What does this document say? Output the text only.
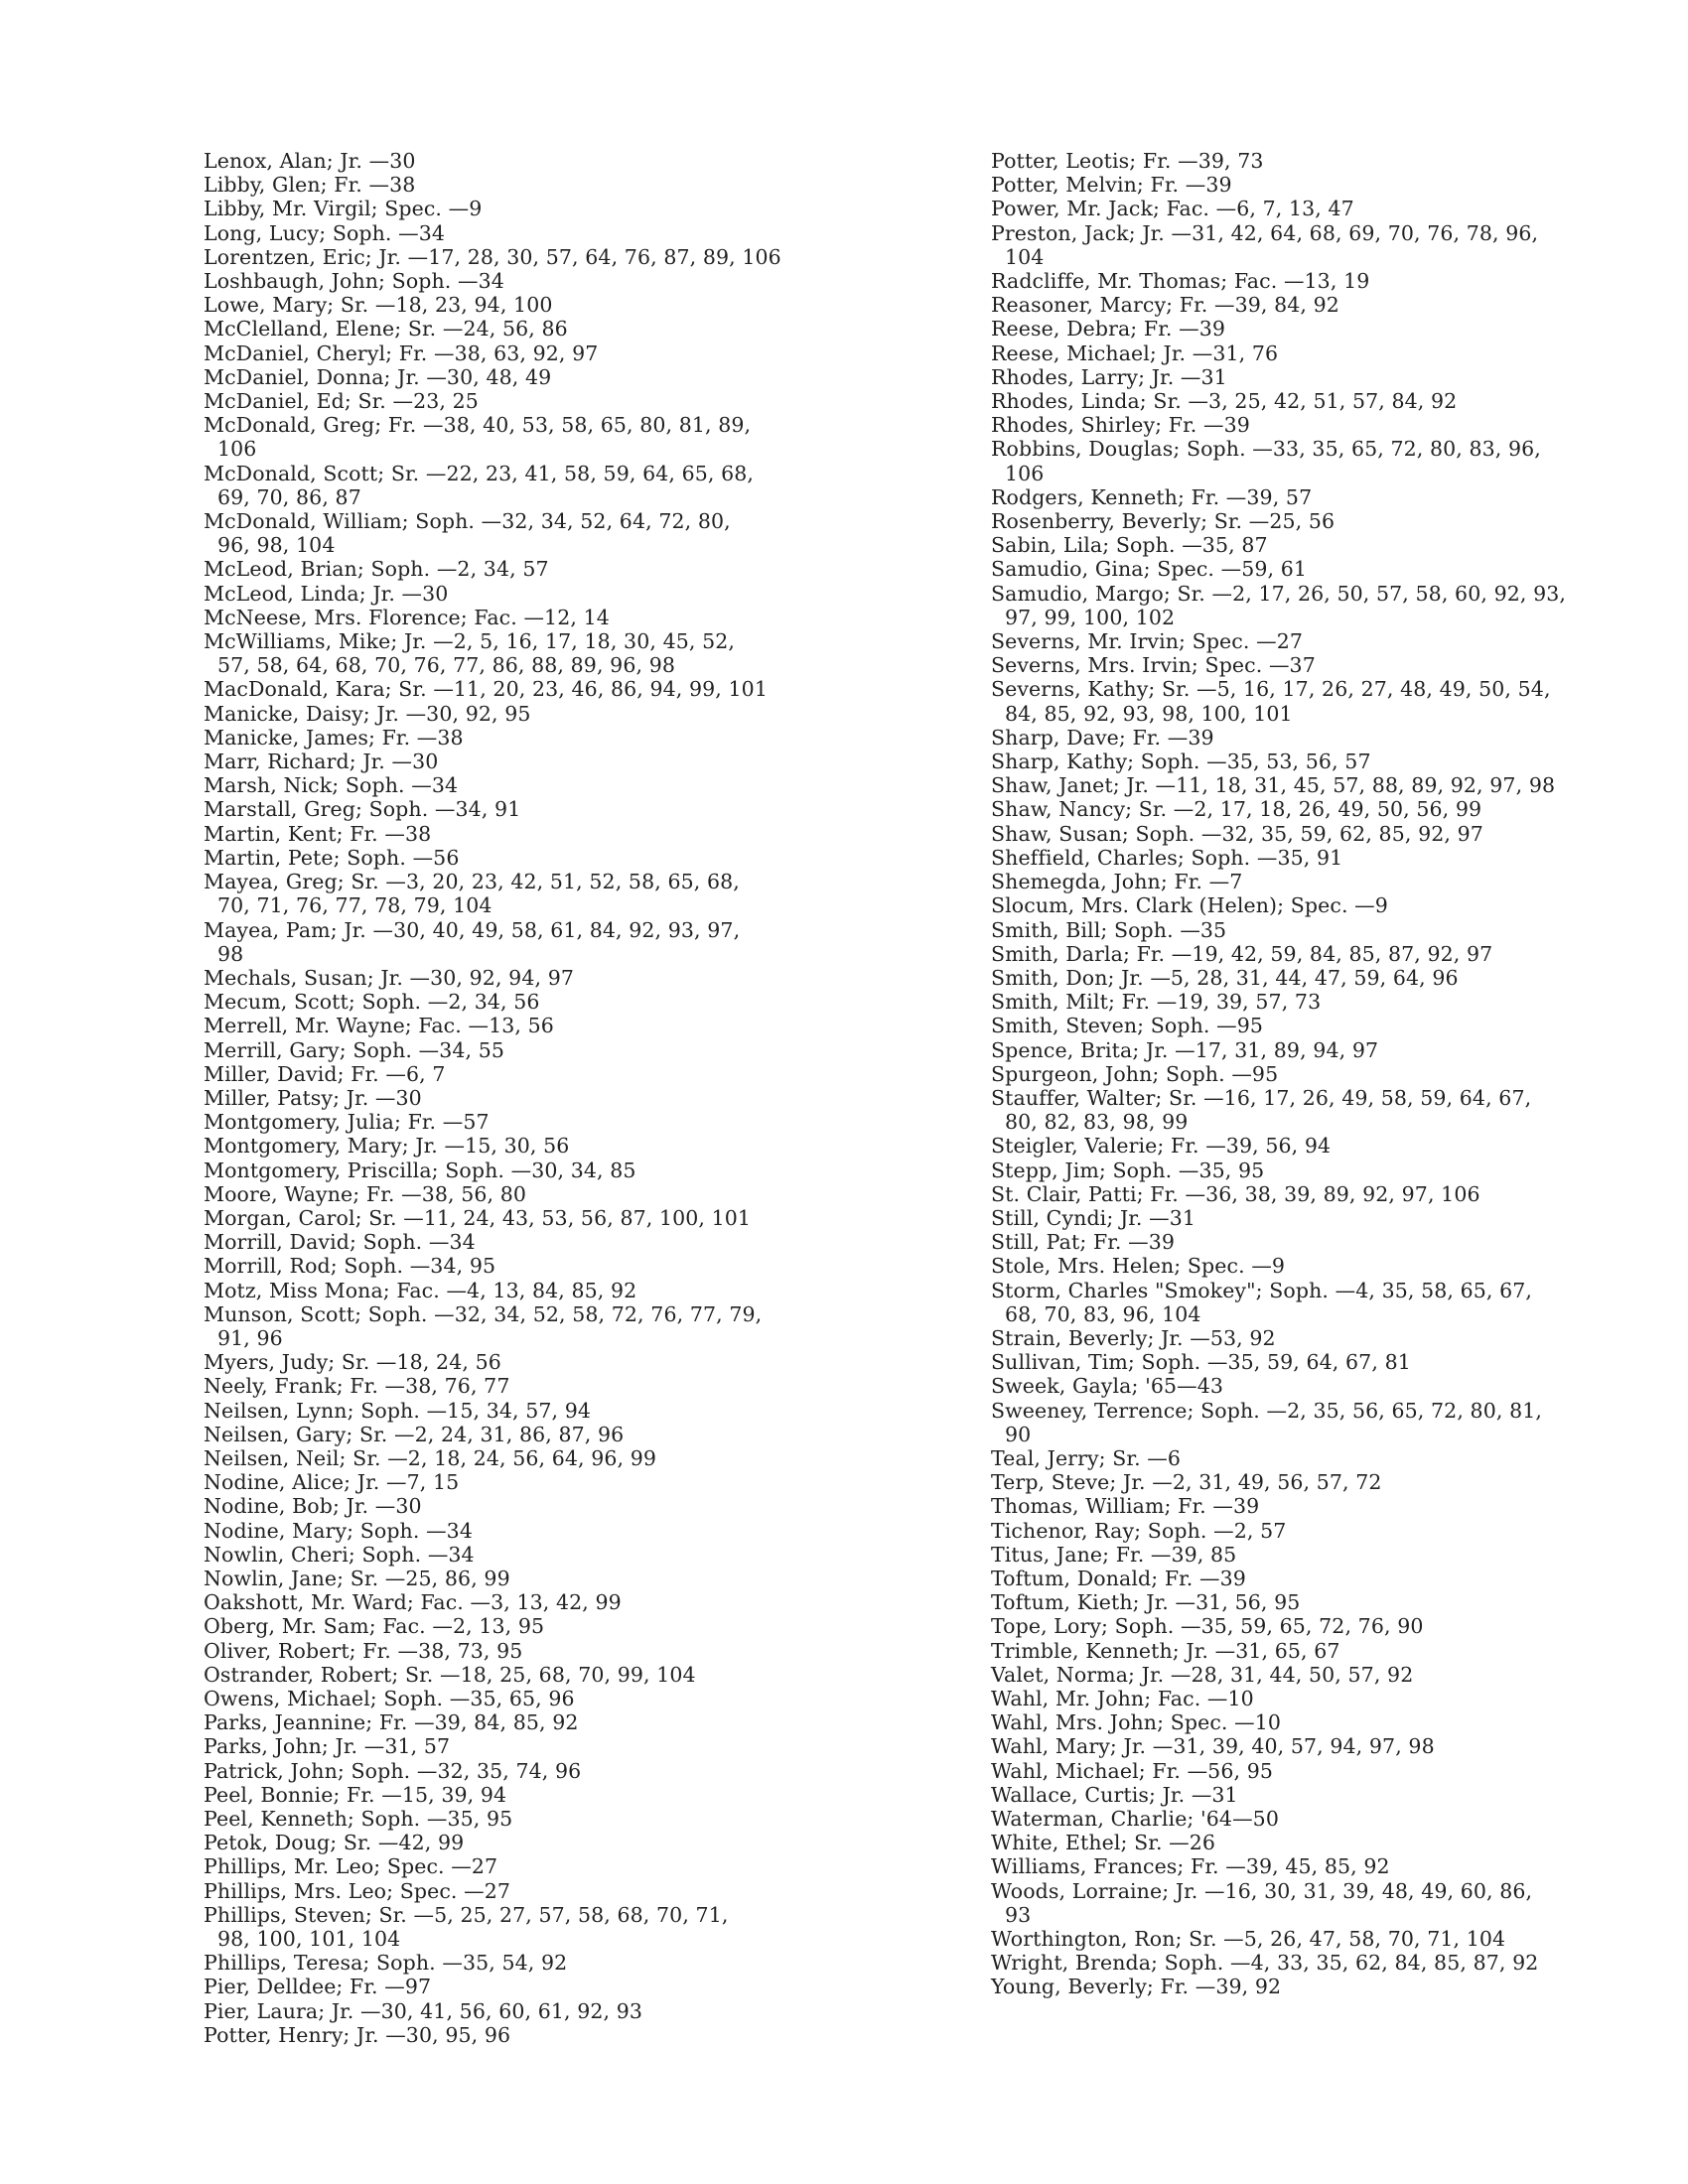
Lenox, Alan; Jr. —30
Libby, Glen; Fr. —38
Libby, Mr. Virgil; Spec. —9
Long, Lucy; Soph. —34
Lorentzen, Eric; Jr. —17, 28, 30, 57, 64, 76, 87, 89, 106
Loshbaugh, John; Soph. —34
Lowe, Mary; Sr. —18, 23, 94, 100
McClelland, Elene; Sr. —24, 56, 86
McDaniel, Cheryl; Fr. —38, 63, 92, 97
McDaniel, Donna; Jr. —30, 48, 49
McDaniel, Ed; Sr. —23, 25
McDonald, Greg; Fr. —38, 40, 53, 58, 65, 80, 81, 89,
106
McDonald, Scott; Sr. —22, 23, 41, 58, 59, 64, 65, 68,
69, 70, 86, 87
McDonald, William; Soph. —32, 34, 52, 64, 72, 80,
96, 98, 104
McLeod, Brian; Soph. —2, 34, 57
McLeod, Linda; Jr. —30
McNeese, Mrs. Florence; Fac. —12, 14
McWilliams, Mike; Jr. —2, 5, 16, 17, 18, 30, 45, 52,
57, 58, 64, 68, 70, 76, 77, 86, 88, 89, 96, 98
MacDonald, Kara; Sr. —11, 20, 23, 46, 86, 94, 99, 101
Manicke, Daisy; Jr. —30, 92, 95
Manicke, James; Fr. —38
Marr, Richard; Jr. —30
Marsh, Nick; Soph. —34
Marstall, Greg; Soph. —34, 91
Martin, Kent; Fr. —38
Martin, Pete; Soph. —56
Mayea, Greg; Sr. —3, 20, 23, 42, 51, 52, 58, 65, 68,
70, 71, 76, 77, 78, 79, 104
Mayea, Pam; Jr. —30, 40, 49, 58, 61, 84, 92, 93, 97,
98
Mechals, Susan; Jr. —30, 92, 94, 97
Mecum, Scott; Soph. —2, 34, 56
Merrell, Mr. Wayne; Fac. —13, 56
Merrill, Gary; Soph. —34, 55
Miller, David; Fr. —6, 7
Miller, Patsy; Jr. —30
Montgomery, Julia; Fr. —57
Montgomery, Mary; Jr. —15, 30, 56
Montgomery, Priscilla; Soph. —30, 34, 85
Moore, Wayne; Fr. —38, 56, 80
Morgan, Carol; Sr. —11, 24, 43, 53, 56, 87, 100, 101
Morrill, David; Soph. —34
Morrill, Rod; Soph. —34, 95
Motz, Miss Mona; Fac. —4, 13, 84, 85, 92
Munson, Scott; Soph. —32, 34, 52, 58, 72, 76, 77, 79,
91, 96
Myers, Judy; Sr. —18, 24, 56
Neely, Frank; Fr. —38, 76, 77
Neilsen, Lynn; Soph. —15, 34, 57, 94
Neilsen, Gary; Sr. —2, 24, 31, 86, 87, 96
Neilsen, Neil; Sr. —2, 18, 24, 56, 64, 96, 99
Nodine, Alice; Jr. —7, 15
Nodine, Bob; Jr. —30
Nodine, Mary; Soph. —34
Nowlin, Cheri; Soph. —34
Nowlin, Jane; Sr. —25, 86, 99
Oakshott, Mr. Ward; Fac. —3, 13, 42, 99
Oberg, Mr. Sam; Fac. —2, 13, 95
Oliver, Robert; Fr. —38, 73, 95
Ostrander, Robert; Sr. —18, 25, 68, 70, 99, 104
Owens, Michael; Soph. —35, 65, 96
Parks, Jeannine; Fr. —39, 84, 85, 92
Parks, John; Jr. —31, 57
Patrick, John; Soph. —32, 35, 74, 96
Peel, Bonnie; Fr. —15, 39, 94
Peel, Kenneth; Soph. —35, 95
Petok, Doug; Sr. —42, 99
Phillips, Mr. Leo; Spec. —27
Phillips, Mrs. Leo; Spec. —27
Phillips, Steven; Sr. —5, 25, 27, 57, 58, 68, 70, 71,
98, 100, 101, 104
Phillips, Teresa; Soph. —35, 54, 92
Pier, Delldee; Fr. —97
Pier, Laura; Jr. —30, 41, 56, 60, 61, 92, 93
Potter, Henry; Jr. —30, 95, 96
Potter, Leotis; Fr. —39, 73
Potter, Melvin; Fr. —39
Power, Mr. Jack; Fac. —6, 7, 13, 47
Preston, Jack; Jr. —31, 42, 64, 68, 69, 70, 76, 78, 96,
104
Radcliffe, Mr. Thomas; Fac. —13, 19
Reasoner, Marcy; Fr. —39, 84, 92
Reese, Debra; Fr. —39
Reese, Michael; Jr. —31, 76
Rhodes, Larry; Jr. —31
Rhodes, Linda; Sr. —3, 25, 42, 51, 57, 84, 92
Rhodes, Shirley; Fr. —39
Robbins, Douglas; Soph. —33, 35, 65, 72, 80, 83, 96,
106
Rodgers, Kenneth; Fr. —39, 57
Rosenberry, Beverly; Sr. —25, 56
Sabin, Lila; Soph. —35, 87
Samudio, Gina; Spec. —59, 61
Samudio, Margo; Sr. —2, 17, 26, 50, 57, 58, 60, 92, 93,
97, 99, 100, 102
Severns, Mr. Irvin; Spec. —27
Severns, Mrs. Irvin; Spec. —37
Severns, Kathy; Sr. —5, 16, 17, 26, 27, 48, 49, 50, 54,
84, 85, 92, 93, 98, 100, 101
Sharp, Dave; Fr. —39
Sharp, Kathy; Soph. —35, 53, 56, 57
Shaw, Janet; Jr. —11, 18, 31, 45, 57, 88, 89, 92, 97, 98
Shaw, Nancy; Sr. —2, 17, 18, 26, 49, 50, 56, 99
Shaw, Susan; Soph. —32, 35, 59, 62, 85, 92, 97
Sheffield, Charles; Soph. —35, 91
Shemegda, John; Fr. —7
Slocum, Mrs. Clark (Helen); Spec. —9
Smith, Bill; Soph. —35
Smith, Darla; Fr. —19, 42, 59, 84, 85, 87, 92, 97
Smith, Don; Jr. —5, 28, 31, 44, 47, 59, 64, 96
Smith, Milt; Fr. —19, 39, 57, 73
Smith, Steven; Soph. —95
Spence, Brita; Jr. —17, 31, 89, 94, 97
Spurgeon, John; Soph. —95
Stauffer, Walter; Sr. —16, 17, 26, 49, 58, 59, 64, 67,
80, 82, 83, 98, 99
Steigler, Valerie; Fr. —39, 56, 94
Stepp, Jim; Soph. —35, 95
St. Clair, Patti; Fr. —36, 38, 39, 89, 92, 97, 106
Still, Cyndi; Jr. —31
Still, Pat; Fr. —39
Stole, Mrs. Helen; Spec. —9
Storm, Charles "Smokey"; Soph. —4, 35, 58, 65, 67,
68, 70, 83, 96, 104
Strain, Beverly; Jr. —53, 92
Sullivan, Tim; Soph. —35, 59, 64, 67, 81
Sweek, Gayla; '65—43
Sweeney, Terrence; Soph. —2, 35, 56, 65, 72, 80, 81,
90
Teal, Jerry; Sr. —6
Terp, Steve; Jr. —2, 31, 49, 56, 57, 72
Thomas, William; Fr. —39
Tichenor, Ray; Soph. —2, 57
Titus, Jane; Fr. —39, 85
Toftum, Donald; Fr. —39
Toftum, Kieth; Jr. —31, 56, 95
Tope, Lory; Soph. —35, 59, 65, 72, 76, 90
Trimble, Kenneth; Jr. —31, 65, 67
Valet, Norma; Jr. —28, 31, 44, 50, 57, 92
Wahl, Mr. John; Fac. —10
Wahl, Mrs. John; Spec. —10
Wahl, Mary; Jr. —31, 39, 40, 57, 94, 97, 98
Wahl, Michael; Fr. —56, 95
Wallace, Curtis; Jr. —31
Waterman, Charlie; '64—50
White, Ethel; Sr. —26
Williams, Frances; Fr. —39, 45, 85, 92
Woods, Lorraine; Jr. —16, 30, 31, 39, 48, 49, 60, 86,
93
Worthington, Ron; Sr. —5, 26, 47, 58, 70, 71, 104
Wright, Brenda; Soph. —4, 33, 35, 62, 84, 85, 87, 92
Young, Beverly; Fr. —39, 92
